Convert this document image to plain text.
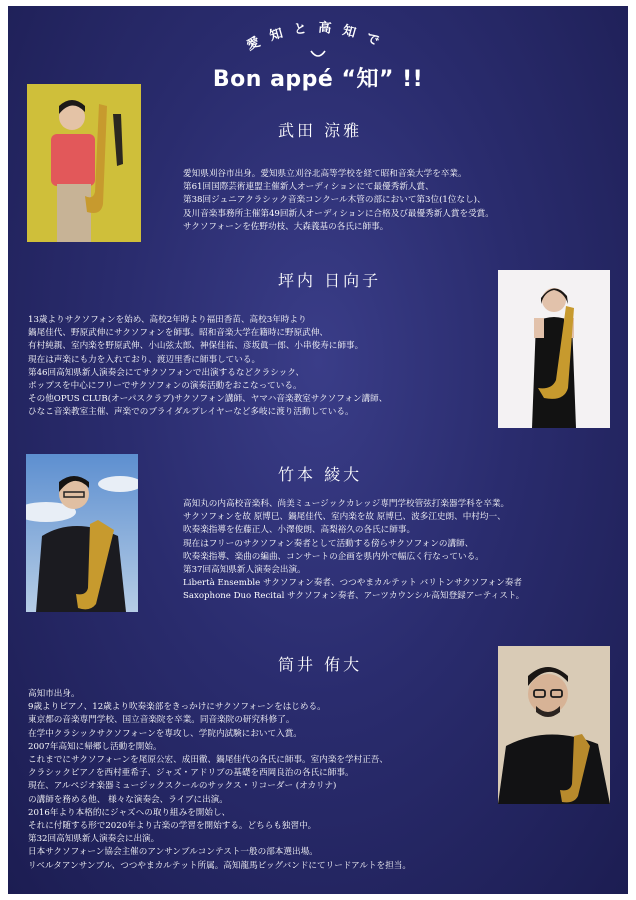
愛知と高知で
Bon appé “知” !!
武田 涼雅
愛知県刈谷市出身。愛知県立刈谷北高等学校を経て昭和音楽大学を卒業。
第61回国際芸術連盟主催新人オーディションにて最優秀新人賞、
第38回ジュニアクラシック音楽コンクール木管の部において第3位(1位なし)、
及川音楽事務所主催第49回新人オーディションに合格及び最優秀新人賞を受賞。
サクソフォーンを佐野功枝、大森義基の各氏に師事。
坪内 日向子
13歳よりサクソフォンを始め、高校2年時より福田香苗、高校3年時より
鍋尾佳代、野原武伸にサクソフォンを師事。昭和音楽大学在籍時に野原武伸、
有村純親、室内楽を野原武伸、小山弦太郎、神保佳祐、彦坂眞一郎、小串俊寿に師事。
現在は声楽にも力を入れており、渡辺里香に師事している。
第46回高知県新人演奏会にてサクソフォンで出演するなどクラシック、
ポップスを中心にフリーでサクソフォンの演奏活動をおこなっている。
その他OPUS CLUB(オーパスクラブ)サクソフォン講師、ヤマハ音楽教室サクソフォン講師、
ひなこ音楽教室主催、声楽でのブライダルプレイヤーなど多岐に渡り活動している。
竹本 綾大
高知丸の内高校音楽科、尚美ミュージックカレッジ専門学校管弦打楽器学科を卒業。
サクソフォンを故 原博巳、鍋尾佳代、室内楽を故 原博巳、波多江史朗、中村均一、
吹奏楽指導を佐藤正人、小澤俊朗、高梨裕久の各氏に師事。
現在はフリーのサクソフォン奏者として活動する傍らサクソフォンの講師、
吹奏楽指導、楽曲の編曲、コンサートの企画を県内外で幅広く行なっている。
第37回高知県新人演奏会出演。
Libertà Ensemble サクソフォン奏者、つつやまカルテット バリトンサクソフォン奏者
Saxophone Duo Recital サクソフォン奏者、アーツカウンシル高知登録アーティスト。
筒井 侑大
高知市出身。
9歳よりピアノ、12歳より吹奏楽部をきっかけにサクソフォーンをはじめる。
東京都の音楽専門学校、国立音楽院を卒業。同音楽院の研究科修了。
在学中クラシックサクソフォーンを専攻し、学院内試験において入賞。
2007年高知に帰郷し活動を開始。
これまでにサクソフォーンを尾原公宏、成田徹、鍋尾佳代の各氏に師事。室内楽を学村正吾、
クラシックピアノを西村亜希子、ジャズ・アドリブの基礎を西岡良治の各氏に師事。
現在、アルペジオ楽器ミュージックスクールのサックス・リコーダー (オカリナ)
の講師を務める他、 様々な演奏会、ライブに出演。
2016年より本格的にジャズへの取り組みを開始し、
それに付随する形で2020年より古楽の学習を開始する。どちらも独習中。
第32回高知県新人演奏会に出演。
日本サクソフォーン協会主催のアンサンブルコンテスト一般の部本選出場。
リベルタアンサンブル、つつやまカルテット所属。高知龍馬ビッグバンドにてリードアルトを担当。
